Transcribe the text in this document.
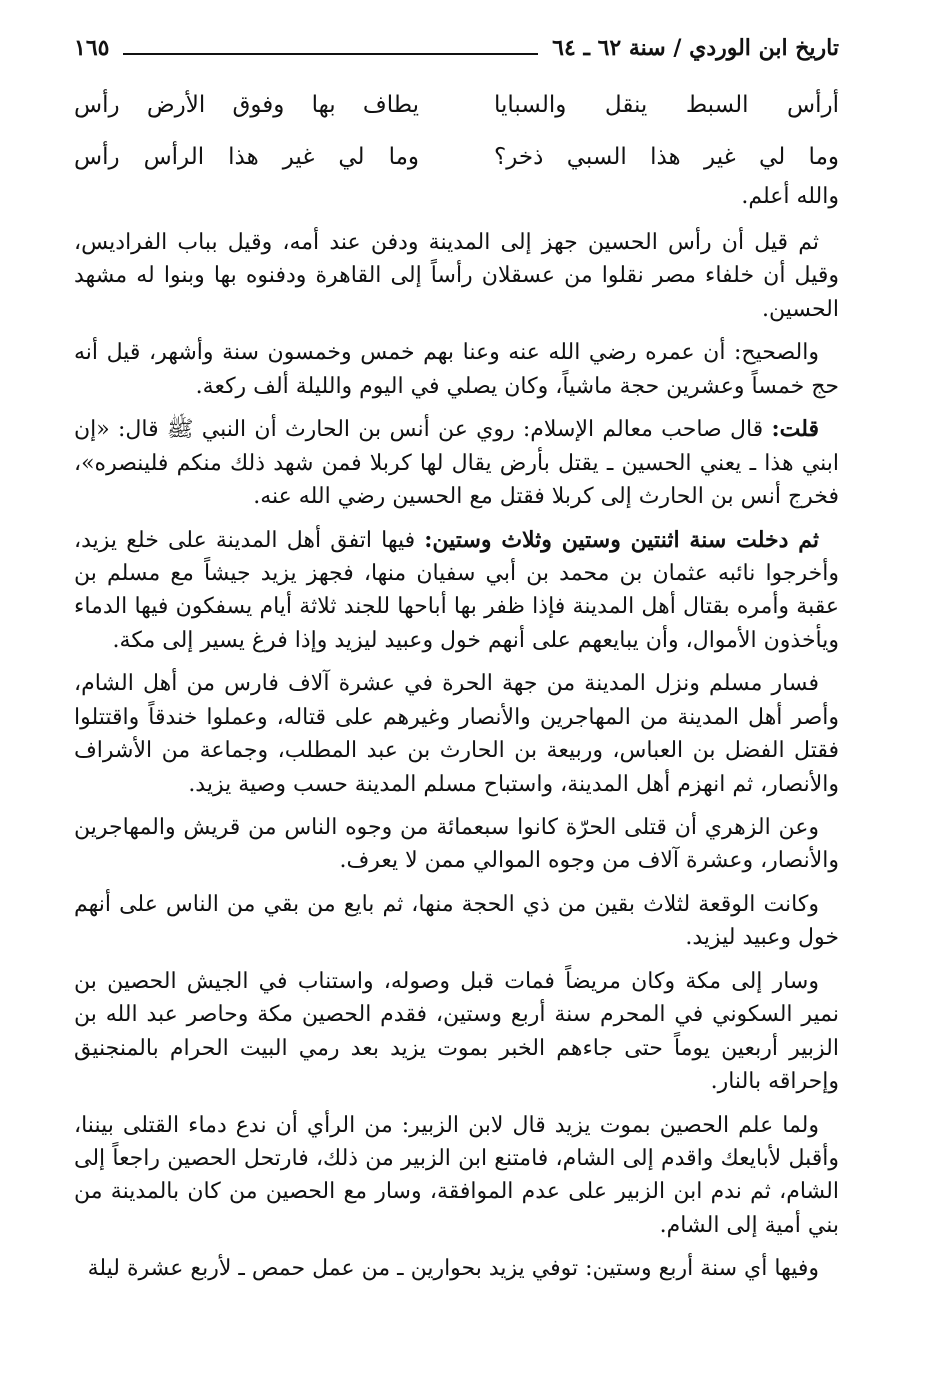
تاريخ ابن الوردي / سنة ٦٢ ـ ٦٤
١٦٥
أرأس السبط ينقل والسبايا
يطاف بها وفوق الأرض رأس
وما لي غير هذا السبي ذخر؟
وما لي غير هذا الرأس رأس
والله أعلم.

ثم قيل أن رأس الحسين جهز إلى المدينة ودفن عند أمه، وقيل بباب الفراديس، وقيل أن خلفاء مصر نقلوا من عسقلان رأساً إلى القاهرة ودفنوه بها وبنوا له مشهد الحسين.

والصحيح: أن عمره رضي الله عنه وعنا بهم خمس وخمسون سنة وأشهر، قيل أنه حج خمساً وعشرين حجة ماشياً، وكان يصلي في اليوم والليلة ألف ركعة.

قلت: قال صاحب معالم الإسلام: روي عن أنس بن الحارث أن النبي ﷺ قال: «إن ابني هذا ـ يعني الحسين ـ يقتل بأرض يقال لها كربلا فمن شهد ذلك منكم فلينصره»، فخرج أنس بن الحارث إلى كربلا فقتل مع الحسين رضي الله عنه.

ثم دخلت سنة اثنتين وستين وثلاث وستين: فيها اتفق أهل المدينة على خلع يزيد، وأخرجوا نائبه عثمان بن محمد بن أبي سفيان منها، فجهز يزيد جيشاً مع مسلم بن عقبة وأمره بقتال أهل المدينة فإذا ظفر بها أباحها للجند ثلاثة أيام يسفكون فيها الدماء ويأخذون الأموال، وأن يبايعهم على أنهم خول وعبيد ليزيد وإذا فرغ يسير إلى مكة.

فسار مسلم ونزل المدينة من جهة الحرة في عشرة آلاف فارس من أهل الشام، وأصر أهل المدينة من المهاجرين والأنصار وغيرهم على قتاله، وعملوا خندقاً واقتتلوا فقتل الفضل بن العباس، وربيعة بن الحارث بن عبد المطلب، وجماعة من الأشراف والأنصار، ثم انهزم أهل المدينة، واستباح مسلم المدينة حسب وصية يزيد.

وعن الزهري أن قتلى الحرّة كانوا سبعمائة من وجوه الناس من قريش والمهاجرين والأنصار، وعشرة آلاف من وجوه الموالي ممن لا يعرف.

وكانت الوقعة لثلاث بقين من ذي الحجة منها، ثم بايع من بقي من الناس على أنهم خول وعبيد ليزيد.

وسار إلى مكة وكان مريضاً فمات قبل وصوله، واستناب في الجيش الحصين بن نمير السكوني في المحرم سنة أربع وستين، فقدم الحصين مكة وحاصر عبد الله بن الزبير أربعين يوماً حتى جاءهم الخبر بموت يزيد بعد رمي البيت الحرام بالمنجنيق وإحراقه بالنار.

ولما علم الحصين بموت يزيد قال لابن الزبير: من الرأي أن ندع دماء القتلى بيننا، وأقبل لأبايعك واقدم إلى الشام، فامتنع ابن الزبير من ذلك، فارتحل الحصين راجعاً إلى الشام، ثم ندم ابن الزبير على عدم الموافقة، وسار مع الحصين من كان بالمدينة من بني أمية إلى الشام.

وفيها أي سنة أربع وستين: توفي يزيد بحوارين ـ من عمل حمص ـ لأربع عشرة ليلة
